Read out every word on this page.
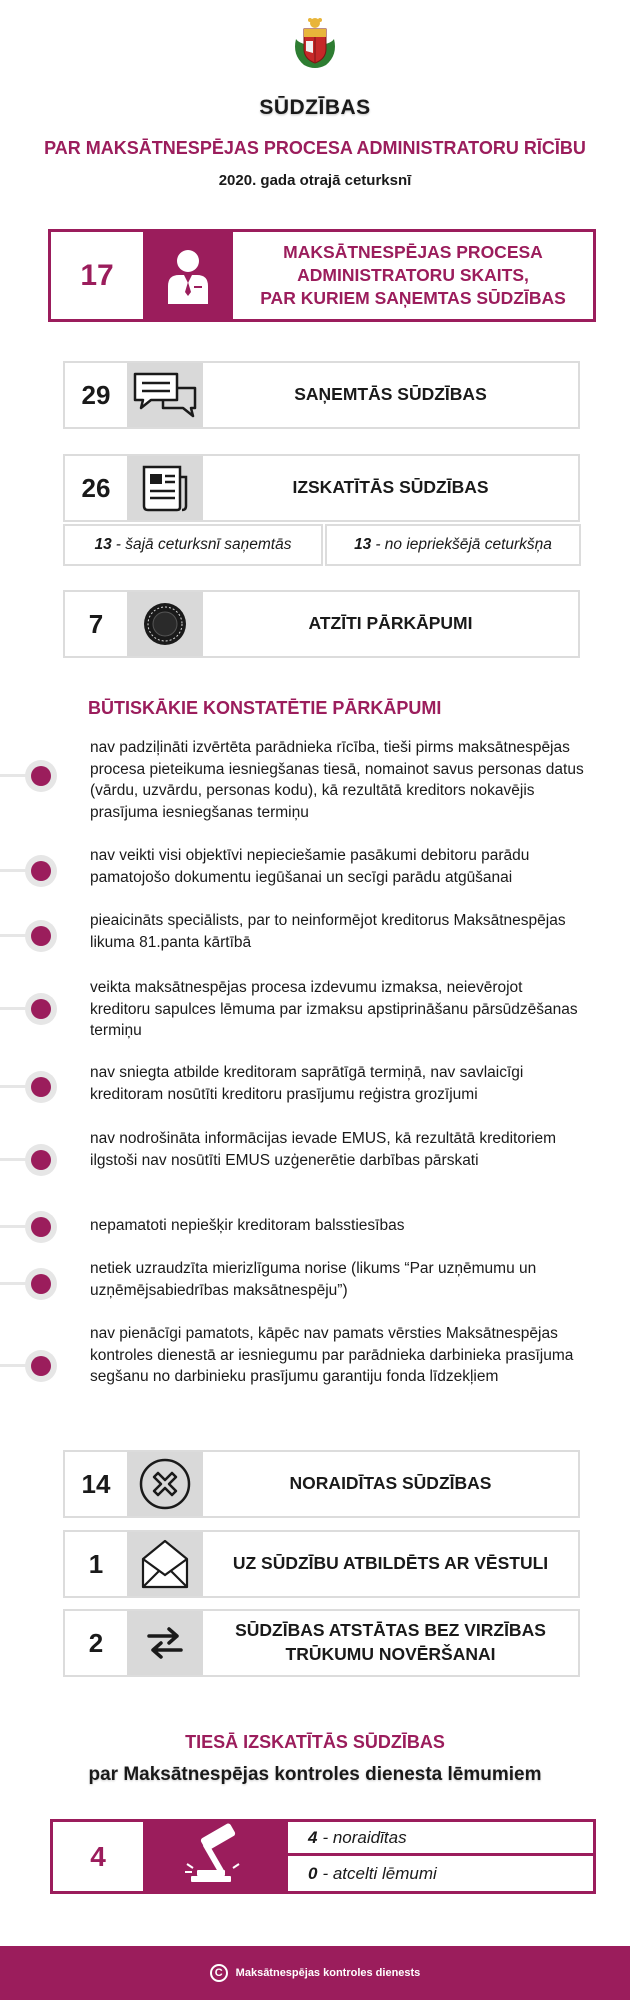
SŪDZĪBAS
PAR MAKSĀTNESPĒJAS PROCESA ADMINISTRATORU RĪCĪBU
2020. gada otrajā ceturksnī
17
MAKSĀTNESPĒJAS PROCESA
ADMINISTRATORU SKAITS,
PAR KURIEM SAŅEMTAS SŪDZĪBAS
29	SAŅEMTĀS SŪDZĪBAS
26	IZSKATĪTĀS SŪDZĪBAS
13 - šajā ceturksnī saņemtās	13 - no iepriekšējā ceturkšņa
7	ATZĪTI PĀRKĀPUMI
BŪTISKĀKIE KONSTATĒTIE PĀRKĀPUMI
nav padziļināti izvērtēta parādnieka rīcība, tieši pirms maksātnespējas procesa pieteikuma iesniegšanas tiesā, nomainot savus personas datus (vārdu, uzvārdu, personas kodu), kā rezultātā kreditors nokavējis prasījuma iesniegšanas termiņu
nav veikti visi objektīvi nepieciešamie pasākumi debitoru parādu pamatojošo dokumentu iegūšanai un secīgi parādu atgūšanai
pieaicināts speciālists, par to neinformējot kreditorus Maksātnespējas likuma 81.panta kārtībā
veikta maksātnespējas procesa izdevumu izmaksa, neievērojot kreditoru sapulces lēmuma par izmaksu apstiprināšanu pārsūdzēšanas termiņu
nav sniegta atbilde kreditoram saprātīgā termiņā, nav savlaicīgi kreditoram nosūtīti kreditoru prasījumu reģistra grozījumi
nav nodrošināta informācijas ievade EMUS, kā rezultātā kreditoriem ilgstoši nav nosūtīti EMUS uzģenerētie darbības pārskati
nepamatoti nepiešķir kreditoram balsstiesības
netiek uzraudzīta mierizlīguma norise (likums “Par uzņēmumu un uzņēmējsabiedrības maksātnespēju”)
nav pienācīgi pamatots, kāpēc nav pamats vērsties Maksātnespējas kontroles dienestā ar iesniegumu par parādnieka darbinieka prasījuma segšanu no darbinieku prasījumu garantiju fonda līdzekļiem
14	NORAIDĪTAS SŪDZĪBAS
1	UZ SŪDZĪBU ATBILDĒTS AR VĒSTULI
2	SŪDZĪBAS ATSTĀTAS BEZ VIRZĪBAS
TRŪKUMU NOVĒRŠANAI
TIESĀ IZSKATĪTĀS SŪDZĪBAS
par Maksātnespējas kontroles dienesta lēmumiem
4
4 - noraidītas
0 - atcelti lēmumi
C	Maksātnespējas kontroles dienests
